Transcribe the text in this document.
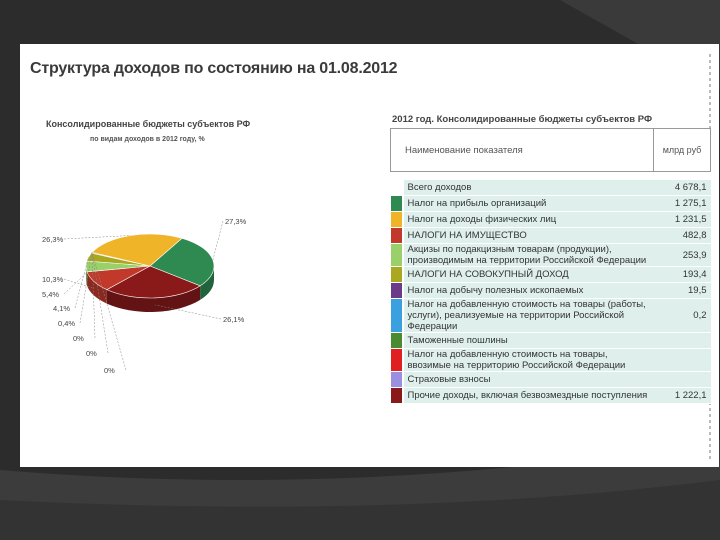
Структура доходов по состоянию на 01.08.2012
Консолидированные бюджеты субъектов РФ
по видам доходов в 2012 году, %
27,3%
26,1%
10,3%
5,4%
4,1%
0,4%
0%
0%
0%
26,3%
2012 год. Консолидированные бюджеты субъектов РФ
Наименование показателя		млрд руб

	Всего доходов	4 678,1

	Налог на прибыль организаций	1 275,1

	Налог на доходы физических лиц	1 231,5

	НАЛОГИ НА ИМУЩЕСТВО	482,8

	Акцизы по подакцизным товарам (продукции), производимым на территории Российской Федерации	253,9

	НАЛОГИ НА СОВОКУПНЫЙ ДОХОД	193,4

	Налог на добычу полезных ископаемых	19,5

	Налог на добавленную стоимость на товары (работы, услуги), реализуемые на территории Российской Федерации	0,2

	Таможенные пошлины	

	Налог на добавленную стоимость на товары, ввозимые на территорию Российской Федерации	

	Страховые взносы	

	Прочие доходы, включая безвозмездные поступления	1 222,1
